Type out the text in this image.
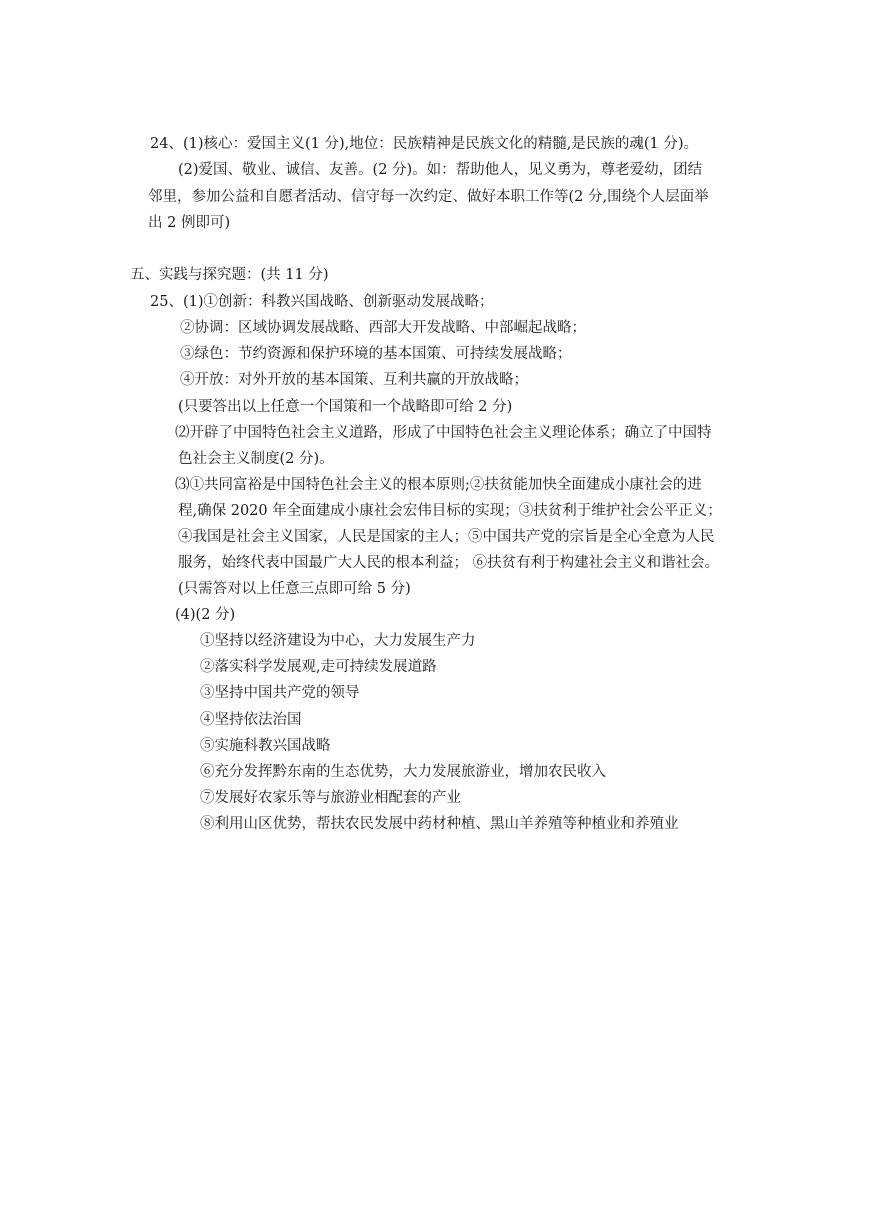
24、(1)核心：爱国主义(1 分),地位：民族精神是民族文化的精髓,是民族的魂(1 分)。
(2)爱国、敬业、诚信、友善。(2 分)。如：帮助他人，见义勇为，尊老爱幼，团结
邻里，参加公益和自愿者活动、信守每一次约定、做好本职工作等(2 分,围绕个人层面举
出 2 例即可)
五、实践与探究题：(共 11 分)
25、(1)①创新：科教兴国战略、创新驱动发展战略；
②协调：区域协调发展战略、西部大开发战略、中部崛起战略；
③绿色：节约资源和保护环境的基本国策、可持续发展战略；
④开放：对外开放的基本国策、互利共赢的开放战略；
(只要答出以上任意一个国策和一个战略即可给 2 分)
⑵开辟了中国特色社会主义道路，形成了中国特色社会主义理论体系；确立了中国特
色社会主义制度(2 分)。
⑶①共同富裕是中国特色社会主义的根本原则;②扶贫能加快全面建成小康社会的进
程,确保 2020 年全面建成小康社会宏伟目标的实现；③扶贫利于维护社会公平正义；
④我国是社会主义国家，人民是国家的主人；⑤中国共产党的宗旨是全心全意为人民
服务，始终代表中国最广大人民的根本利益； ⑥扶贫有利于构建社会主义和谐社会。
(只需答对以上任意三点即可给 5 分)
(4)(2 分)
①坚持以经济建设为中心，大力发展生产力
②落实科学发展观,走可持续发展道路
③坚持中国共产党的领导
④坚持依法治国
⑤实施科教兴国战略
⑥充分发挥黔东南的生态优势，大力发展旅游业，增加农民收入
⑦发展好农家乐等与旅游业相配套的产业
⑧利用山区优势，帮扶农民发展中药材种植、黑山羊养殖等种植业和养殖业
